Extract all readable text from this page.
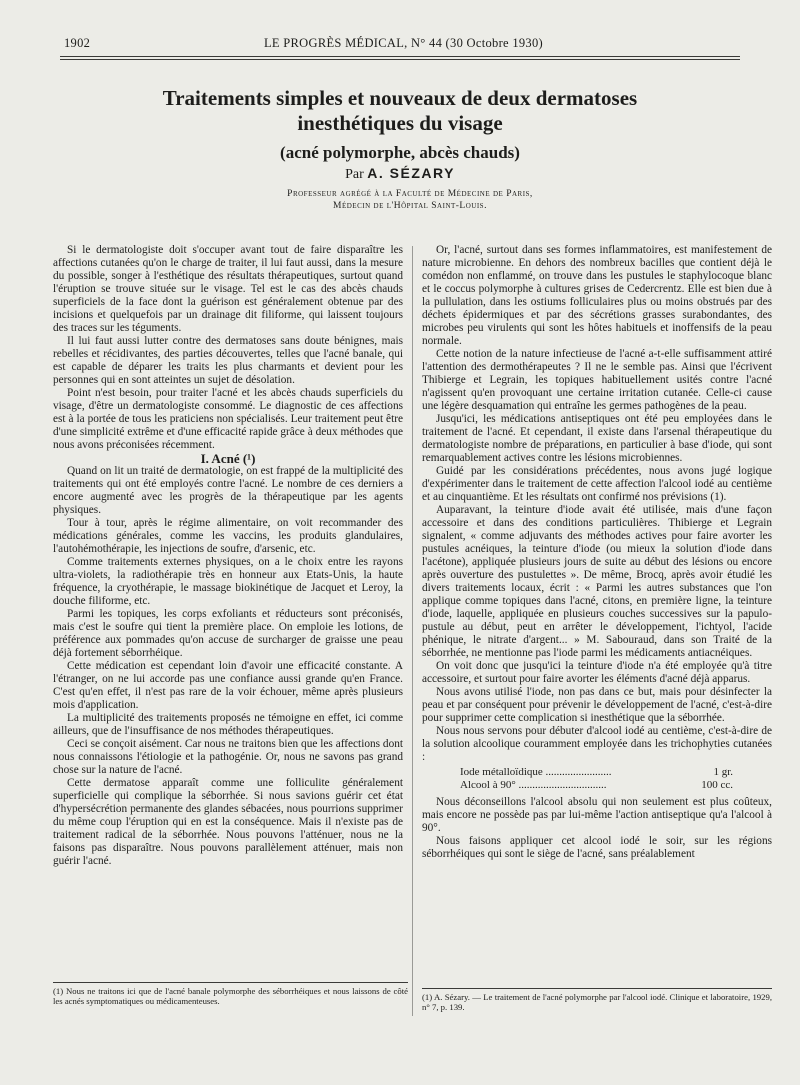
1902	LE PROGRÈS MÉDICAL, N° 44 (30 Octobre 1930)
Traitements simples et nouveaux de deux dermatoses
inesthétiques du visage
(acné polymorphe, abcès chauds)
Par A. SÉZARY
Professeur agrégé à la Faculté de Médecine de Paris,
Médecin de l'Hôpital Saint-Louis.

Si le dermatologiste doit s'occuper avant tout de faire disparaître les affections cutanées qu'on le charge de traiter, il lui faut aussi, dans la mesure du possible, songer à l'esthétique des résultats thérapeutiques, surtout quand l'éruption se trouve située sur le visage. Tel est le cas des abcès chauds superficiels de la face dont la guérison est généralement obtenue par des incisions et quelquefois par un drainage dit filiforme, qui laissent toujours des traces sur les téguments.

Il lui faut aussi lutter contre des dermatoses sans doute bénignes, mais rebelles et récidivantes, des parties découvertes, telles que l'acné banale, qui est capable de déparer les traits les plus charmants et devient pour les personnes qui en sont atteintes un sujet de désolation.

Point n'est besoin, pour traiter l'acné et les abcès chauds superficiels du visage, d'être un dermatologiste consommé. Le diagnostic de ces affections est à la portée de tous les praticiens non spécialisés. Leur traitement peut être d'une simplicité extrême et d'une efficacité rapide grâce à deux méthodes que nous avons préconisées récemment.

I. Acné (¹)

Quand on lit un traité de dermatologie, on est frappé de la multiplicité des traitements qui ont été employés contre l'acné. Le nombre de ces derniers a encore augmenté avec les progrès de la thérapeutique par les agents physiques.

Tour à tour, après le régime alimentaire, on voit recommander des médications générales, comme les vaccins, les produits glandulaires, l'autohémothérapie, les injections de soufre, d'arsenic, etc.

Comme traitements externes physiques, on a le choix entre les rayons ultra-violets, la radiothérapie très en honneur aux Etats-Unis, la haute fréquence, la cryothérapie, le massage biokinétique de Jacquet et Leroy, la douche filiforme, etc.

Parmi les topiques, les corps exfoliants et réducteurs sont préconisés, mais c'est le soufre qui tient la première place. On emploie les lotions, de préférence aux pommades qu'on accuse de surcharger de graisse une peau déjà fortement séborrhéique.

Cette médication est cependant loin d'avoir une efficacité constante. A l'étranger, on ne lui accorde pas une confiance aussi grande qu'en France. C'est qu'en effet, il n'est pas rare de la voir échouer, même après plusieurs mois d'application.

La multiplicité des traitements proposés ne témoigne en effet, ici comme ailleurs, que de l'insuffisance de nos méthodes thérapeutiques.

Ceci se conçoit aisément. Car nous ne traitons bien que les affections dont nous connaissons l'étiologie et la pathogénie. Or, nous ne savons pas grand chose sur la nature de l'acné.

Cette dermatose apparaît comme une folliculite généralement superficielle qui complique la séborrhée. Si nous savions guérir cet état d'hypersécrétion permanente des glandes sébacées, nous pourrions supprimer du même coup l'éruption qui en est la conséquence. Mais il n'existe pas de traitement radical de la séborrhée. Nous pouvons l'atténuer, nous ne la faisons pas disparaître. Nous pouvons parallèlement atténuer, mais non guérir l'acné.

Or, l'acné, surtout dans ses formes inflammatoires, est manifestement de nature microbienne. En dehors des nombreux bacilles que contient déjà le comédon non enflammé, on trouve dans les pustules le staphylocoque blanc et le coccus polymorphe à cultures grises de Cedercrentz. Elle est bien due à la pullulation, dans les ostiums folliculaires plus ou moins obstrués par des déchets épidermiques et par des sécrétions grasses surabondantes, des microbes peu virulents qui sont les hôtes habituels et inoffensifs de la peau normale.

Cette notion de la nature infectieuse de l'acné a-t-elle suffisamment attiré l'attention des dermothérapeutes ? Il ne le semble pas. Ainsi que l'écrivent Thibierge et Legrain, les topiques habituellement usités contre l'acné n'agissent qu'en provoquant une certaine irritation cutanée. Celle-ci cause une légère desquamation qui entraîne les germes pathogènes de la peau.

Jusqu'ici, les médications antiseptiques ont été peu employées dans le traitement de l'acné. Et cependant, il existe dans l'arsenal thérapeutique du dermatologiste nombre de préparations, en particulier à base d'iode, qui sont remarquablement actives contre les lésions microbiennes.

Guidé par les considérations précédentes, nous avons jugé logique d'expérimenter dans le traitement de cette affection l'alcool iodé au centième et au cinquantième. Et les résultats ont confirmé nos prévisions (1).

Auparavant, la teinture d'iode avait été utilisée, mais d'une façon accessoire et dans des conditions particulières. Thibierge et Legrain signalent, « comme adjuvants des méthodes actives pour faire avorter les pustules acnéiques, la teinture d'iode (ou mieux la solution d'iode dans l'acétone), appliquée plusieurs jours de suite au début des lésions ou encore après ouverture des pustulettes ». De même, Brocq, après avoir étudié les divers traitements locaux, écrit : « Parmi les autres substances que l'on applique comme topiques dans l'acné, citons, en première ligne, la teinture d'iode, laquelle, appliquée en plusieurs couches successives sur la papulo-pustule au début, peut en arrêter le développement, l'ichtyol, l'acide phénique, le nitrate d'argent... » M. Sabouraud, dans son Traité de la séborrhée, ne mentionne pas l'iode parmi les médicaments antiacnéiques.

On voit donc que jusqu'ici la teinture d'iode n'a été employée qu'à titre accessoire, et surtout pour faire avorter les éléments d'acné déjà apparus.

Nous avons utilisé l'iode, non pas dans ce but, mais pour désinfecter la peau et par conséquent pour prévenir le développement de l'acné, c'est-à-dire pour supprimer cette complication si inesthétique que la séborrhée.

Nous nous servons pour débuter d'alcool iodé au centième, c'est-à-dire de la solution alcoolique couramment employée dans les trichophyties cutanées :

Iode métalloïdique ........................	1 gr.
Alcool à 90° ................................	100 cc.

Nous déconseillons l'alcool absolu qui non seulement est plus coûteux, mais encore ne possède pas par lui-même l'action antiseptique qu'a l'alcool à 90°.

Nous faisons appliquer cet alcool iodé le soir, sur les régions séborrhéiques qui sont le siège de l'acné, sans préalablement

(1) Nous ne traitons ici que de l'acné banale polymorphe des séborrhéiques et nous laissons de côté les acnés symptomatiques ou médicamenteuses.	(1) A. Sézary. — Le traitement de l'acné polymorphe par l'alcool iodé. Clinique et laboratoire, 1929, n° 7, p. 139.
